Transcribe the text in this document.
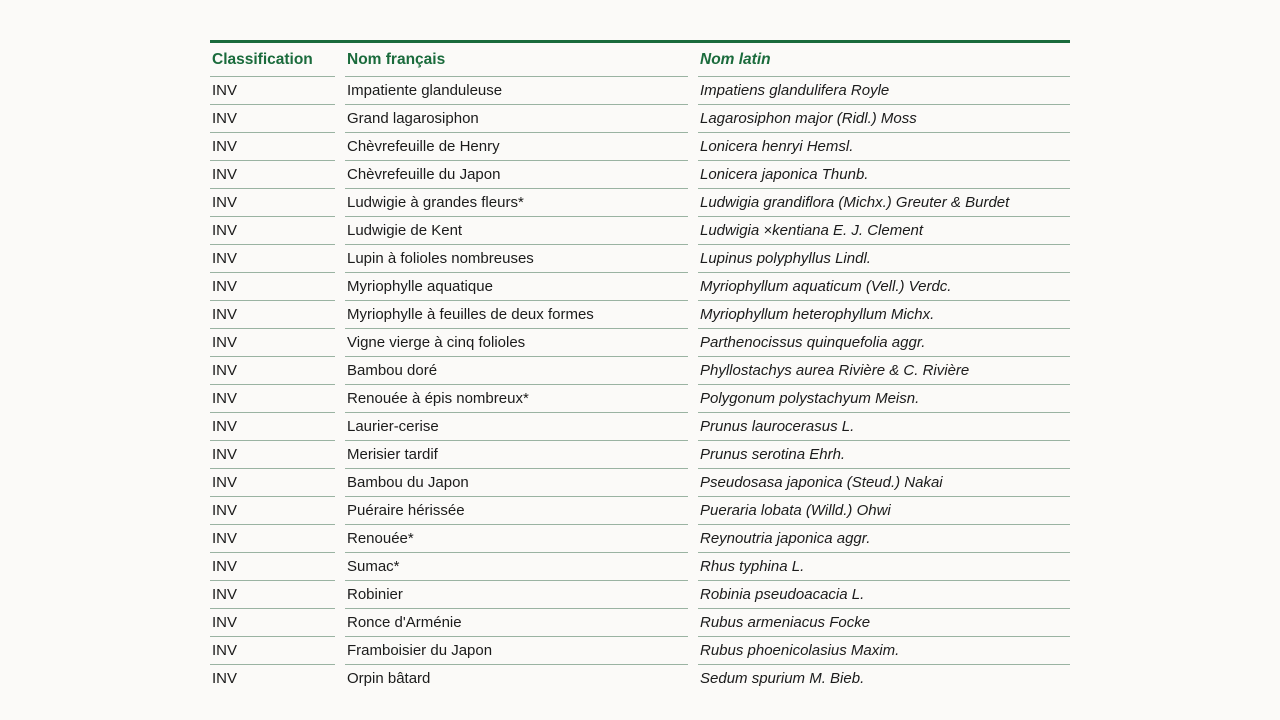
Classification	Nom français	Nom latin
INV	Impatiente glanduleuse	Impatiens glandulifera Royle
INV	Grand lagarosiphon	Lagarosiphon major (Ridl.) Moss
INV	Chèvrefeuille de Henry	Lonicera henryi Hemsl.
INV	Chèvrefeuille du Japon	Lonicera japonica Thunb.
INV	Ludwigie à grandes fleurs*	Ludwigia grandiflora (Michx.) Greuter & Burdet
INV	Ludwigie de Kent	Ludwigia ×kentiana E. J. Clement
INV	Lupin à folioles nombreuses	Lupinus polyphyllus Lindl.
INV	Myriophylle aquatique	Myriophyllum aquaticum (Vell.) Verdc.
INV	Myriophylle à feuilles de deux formes	Myriophyllum heterophyllum Michx.
INV	Vigne vierge à cinq folioles	Parthenocissus quinquefolia aggr.
INV	Bambou doré	Phyllostachys aurea Rivière & C. Rivière
INV	Renouée à épis nombreux*	Polygonum polystachyum Meisn.
INV	Laurier-cerise	Prunus laurocerasus L.
INV	Merisier tardif	Prunus serotina Ehrh.
INV	Bambou du Japon	Pseudosasa japonica (Steud.) Nakai
INV	Puéraire hérissée	Pueraria lobata (Willd.) Ohwi
INV	Renouée*	Reynoutria japonica aggr.
INV	Sumac*	Rhus typhina L.
INV	Robinier	Robinia pseudoacacia L.
INV	Ronce d'Arménie	Rubus armeniacus Focke
INV	Framboisier du Japon	Rubus phoenicolasius Maxim.
INV	Orpin bâtard	Sedum spurium M. Bieb.
